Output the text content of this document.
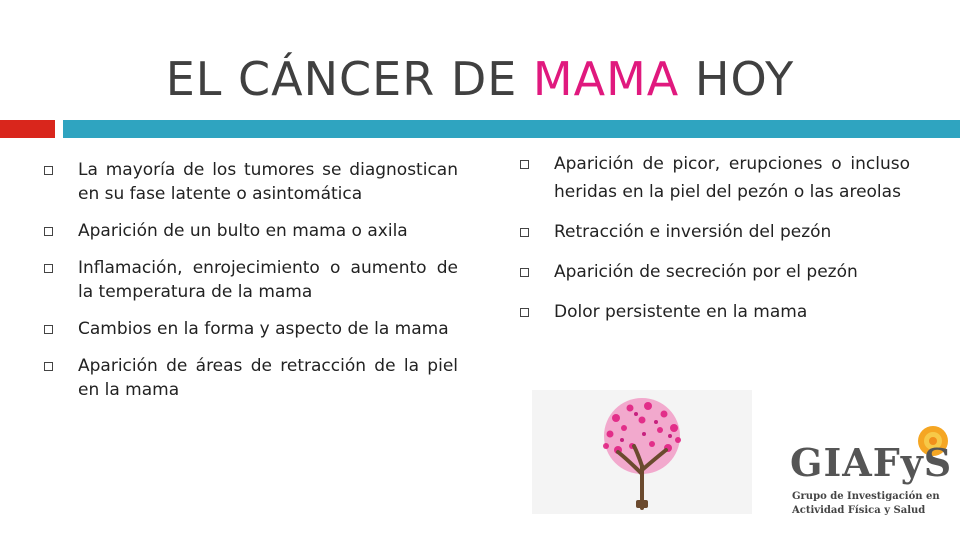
EL CÁNCER DE MAMA HOY
La mayoría de los tumores se diagnostican en su fase latente o asintomática
Aparición de un bulto en mama o axila
Inflamación, enrojecimiento o aumento de la temperatura de la mama
Cambios en la forma y aspecto de la mama
Aparición de áreas de retracción de la piel en la mama
Aparición de picor, erupciones o incluso heridas en la piel del pezón o las areolas
Retracción e inversión del pezón
Aparición de secreción por el pezón
Dolor persistente en la mama
GIAFyS
Grupo de Investigación en
Actividad Física y Salud
